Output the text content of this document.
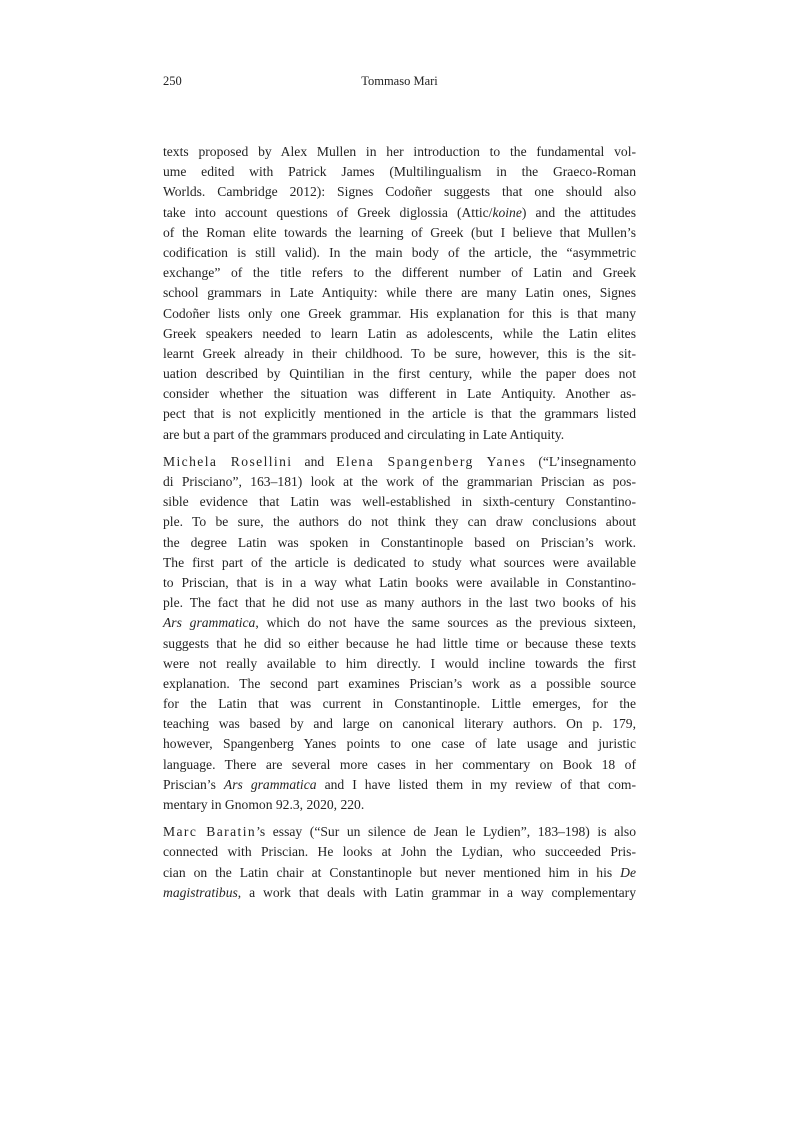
250	Tommaso Mari
texts proposed by Alex Mullen in her introduction to the fundamental vol-
ume edited with Patrick James (Multilingualism in the Graeco-Roman
Worlds. Cambridge 2012): Signes Codoñer suggests that one should also
take into account questions of Greek diglossia (Attic/koine) and the attitudes
of the Roman elite towards the learning of Greek (but I believe that Mullen’s
codification is still valid). In the main body of the article, the “asymmetric
exchange” of the title refers to the different number of Latin and Greek
school grammars in Late Antiquity: while there are many Latin ones, Signes
Codoñer lists only one Greek grammar. His explanation for this is that many
Greek speakers needed to learn Latin as adolescents, while the Latin elites
learnt Greek already in their childhood. To be sure, however, this is the sit-
uation described by Quintilian in the first century, while the paper does not
consider whether the situation was different in Late Antiquity. Another as-
pect that is not explicitly mentioned in the article is that the grammars listed
are but a part of the grammars produced and circulating in Late Antiquity.
Michela Rosellini and Elena Spangenberg Yanes (“L’insegnamento
di Prisciano”, 163–181) look at the work of the grammarian Priscian as pos-
sible evidence that Latin was well-established in sixth-century Constantino-
ple. To be sure, the authors do not think they can draw conclusions about
the degree Latin was spoken in Constantinople based on Priscian’s work.
The first part of the article is dedicated to study what sources were available
to Priscian, that is in a way what Latin books were available in Constantino-
ple. The fact that he did not use as many authors in the last two books of his
Ars grammatica, which do not have the same sources as the previous sixteen,
suggests that he did so either because he had little time or because these texts
were not really available to him directly. I would incline towards the first
explanation. The second part examines Priscian’s work as a possible source
for the Latin that was current in Constantinople. Little emerges, for the
teaching was based by and large on canonical literary authors. On p. 179,
however, Spangenberg Yanes points to one case of late usage and juristic
language. There are several more cases in her commentary on Book 18 of
Priscian’s Ars grammatica and I have listed them in my review of that com-
mentary in Gnomon 92.3, 2020, 220.
Marc Baratin’s essay (“Sur un silence de Jean le Lydien”, 183–198) is also
connected with Priscian. He looks at John the Lydian, who succeeded Pris-
cian on the Latin chair at Constantinople but never mentioned him in his De
magistratibus, a work that deals with Latin grammar in a way complementary
